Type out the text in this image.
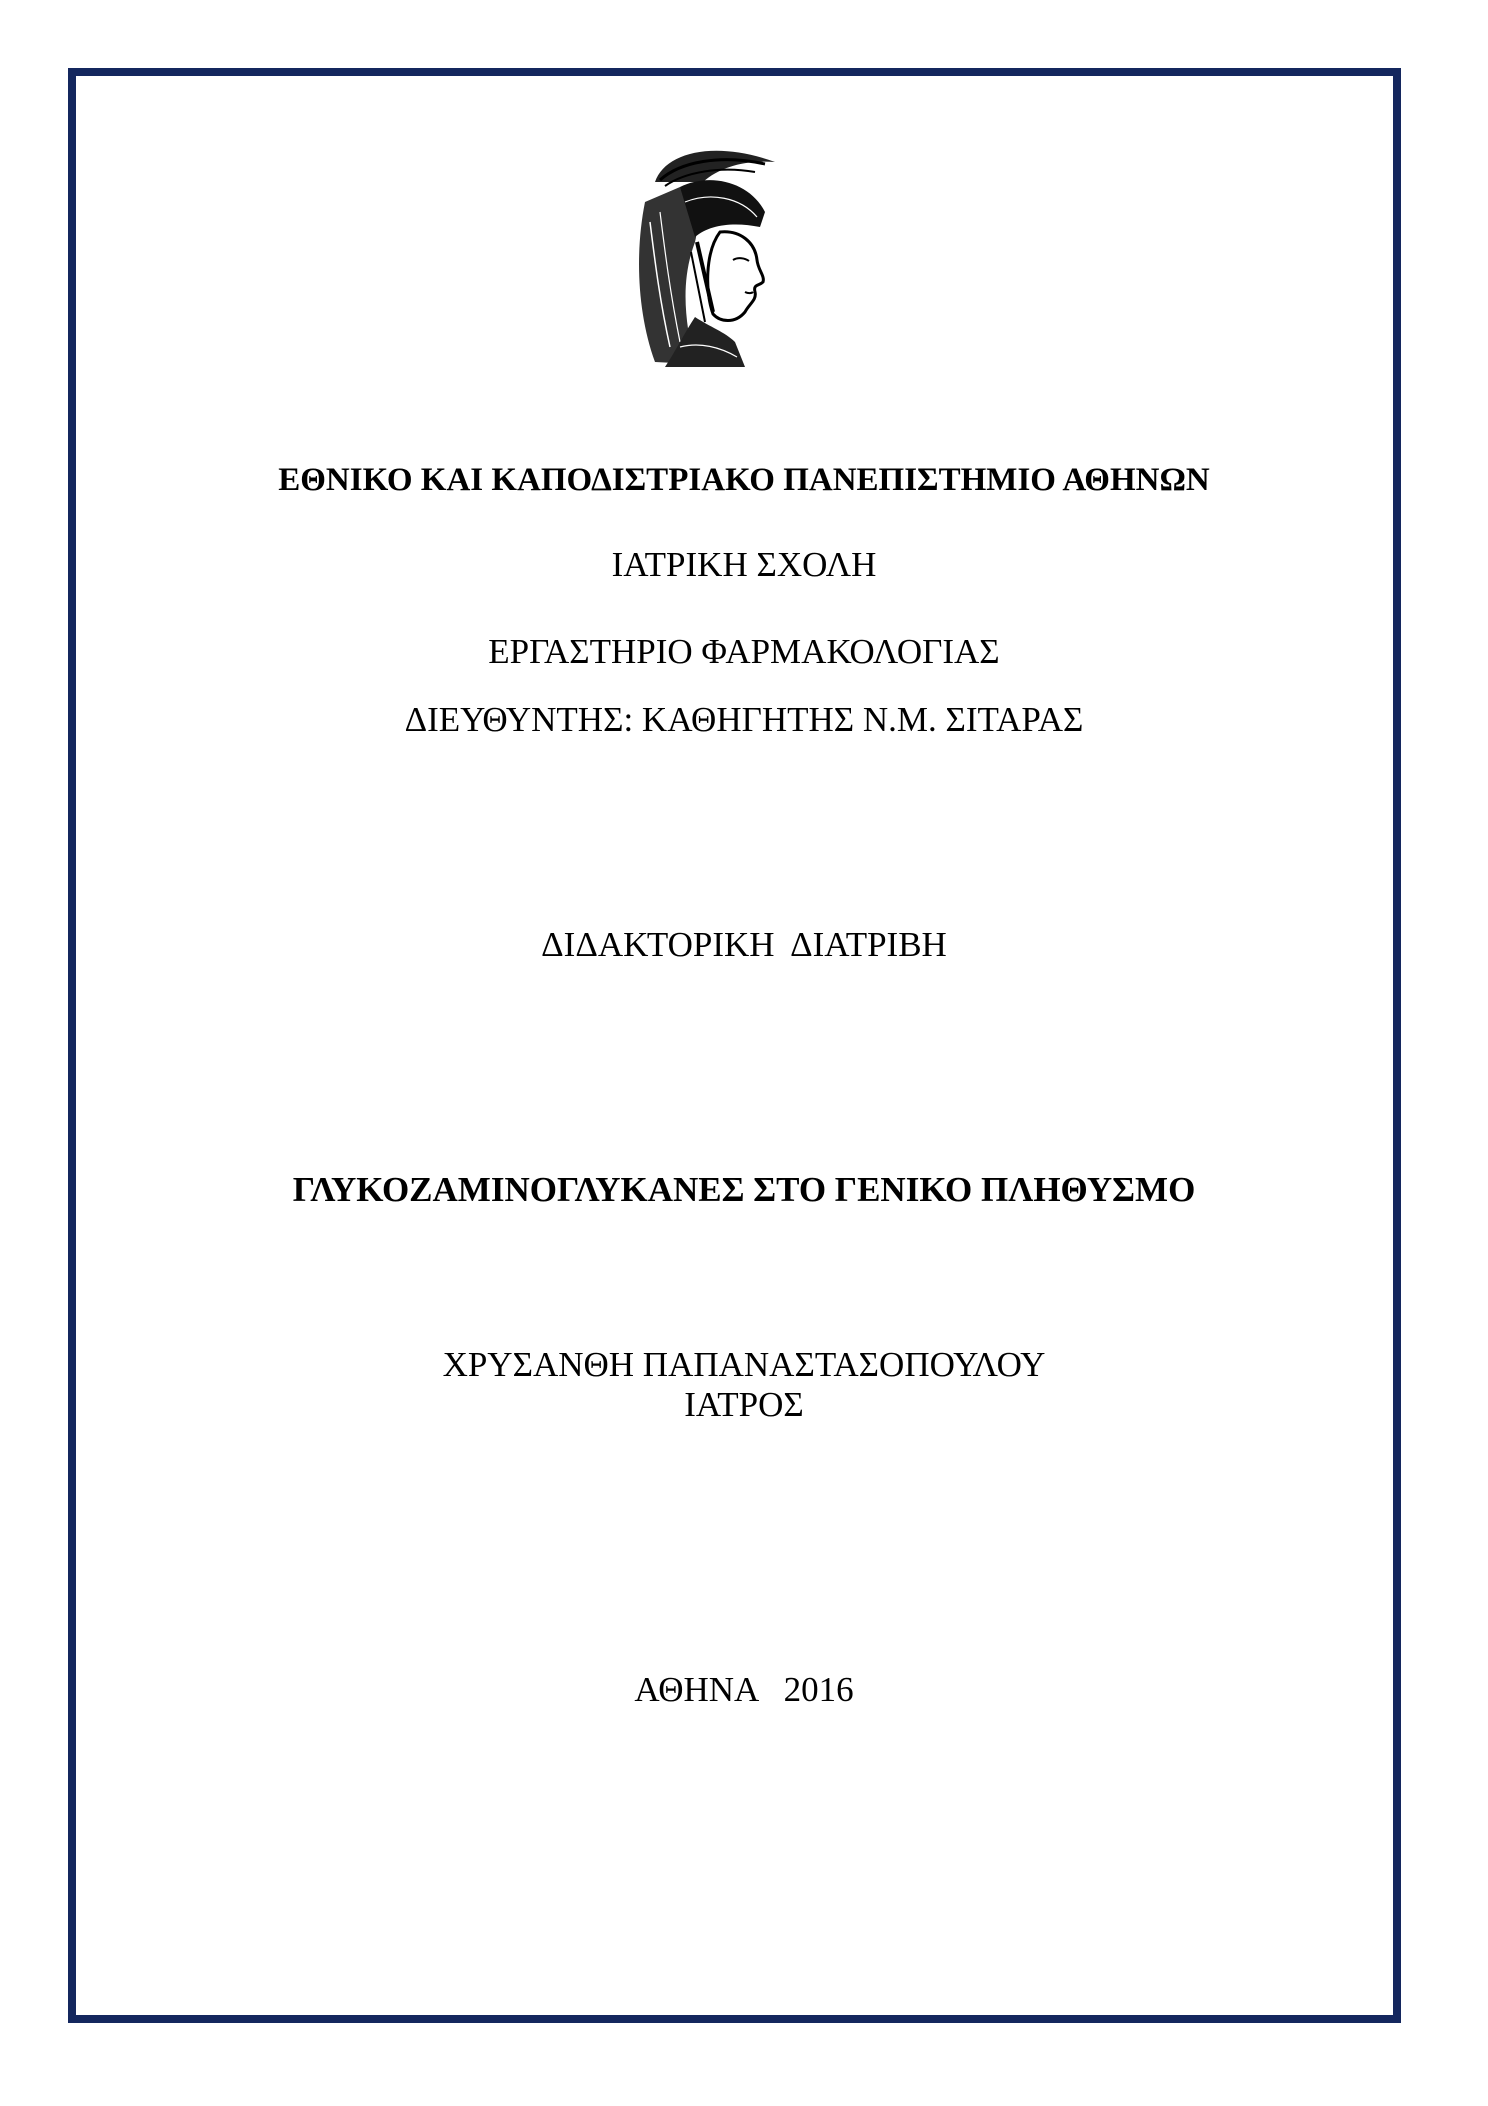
ΕΘΝΙΚΟ ΚΑΙ ΚΑΠΟΔΙΣΤΡΙΑΚΟ ΠΑΝΕΠΙΣΤΗΜΙΟ ΑΘΗΝΩΝ
ΙΑΤΡΙΚΗ ΣΧΟΛΗ
ΕΡΓΑΣΤΗΡΙΟ ΦΑΡΜΑΚΟΛΟΓΙΑΣ
ΔΙΕΥΘΥΝΤΗΣ: ΚΑΘΗΓΗΤΗΣ Ν.Μ. ΣΙΤΑΡΑΣ
ΔΙΔΑΚΤΟΡΙΚΗ  ΔΙΑΤΡΙΒΗ
ΓΛΥΚΟΖΑΜΙΝΟΓΛΥΚΑΝΕΣ ΣΤΟ ΓΕΝΙΚΟ ΠΛΗΘΥΣΜΟ
ΧΡΥΣΑΝΘΗ ΠΑΠΑΝΑΣΤΑΣΟΠΟΥΛΟΥ
ΙΑΤΡΟΣ
ΑΘΗΝΑ   2016
